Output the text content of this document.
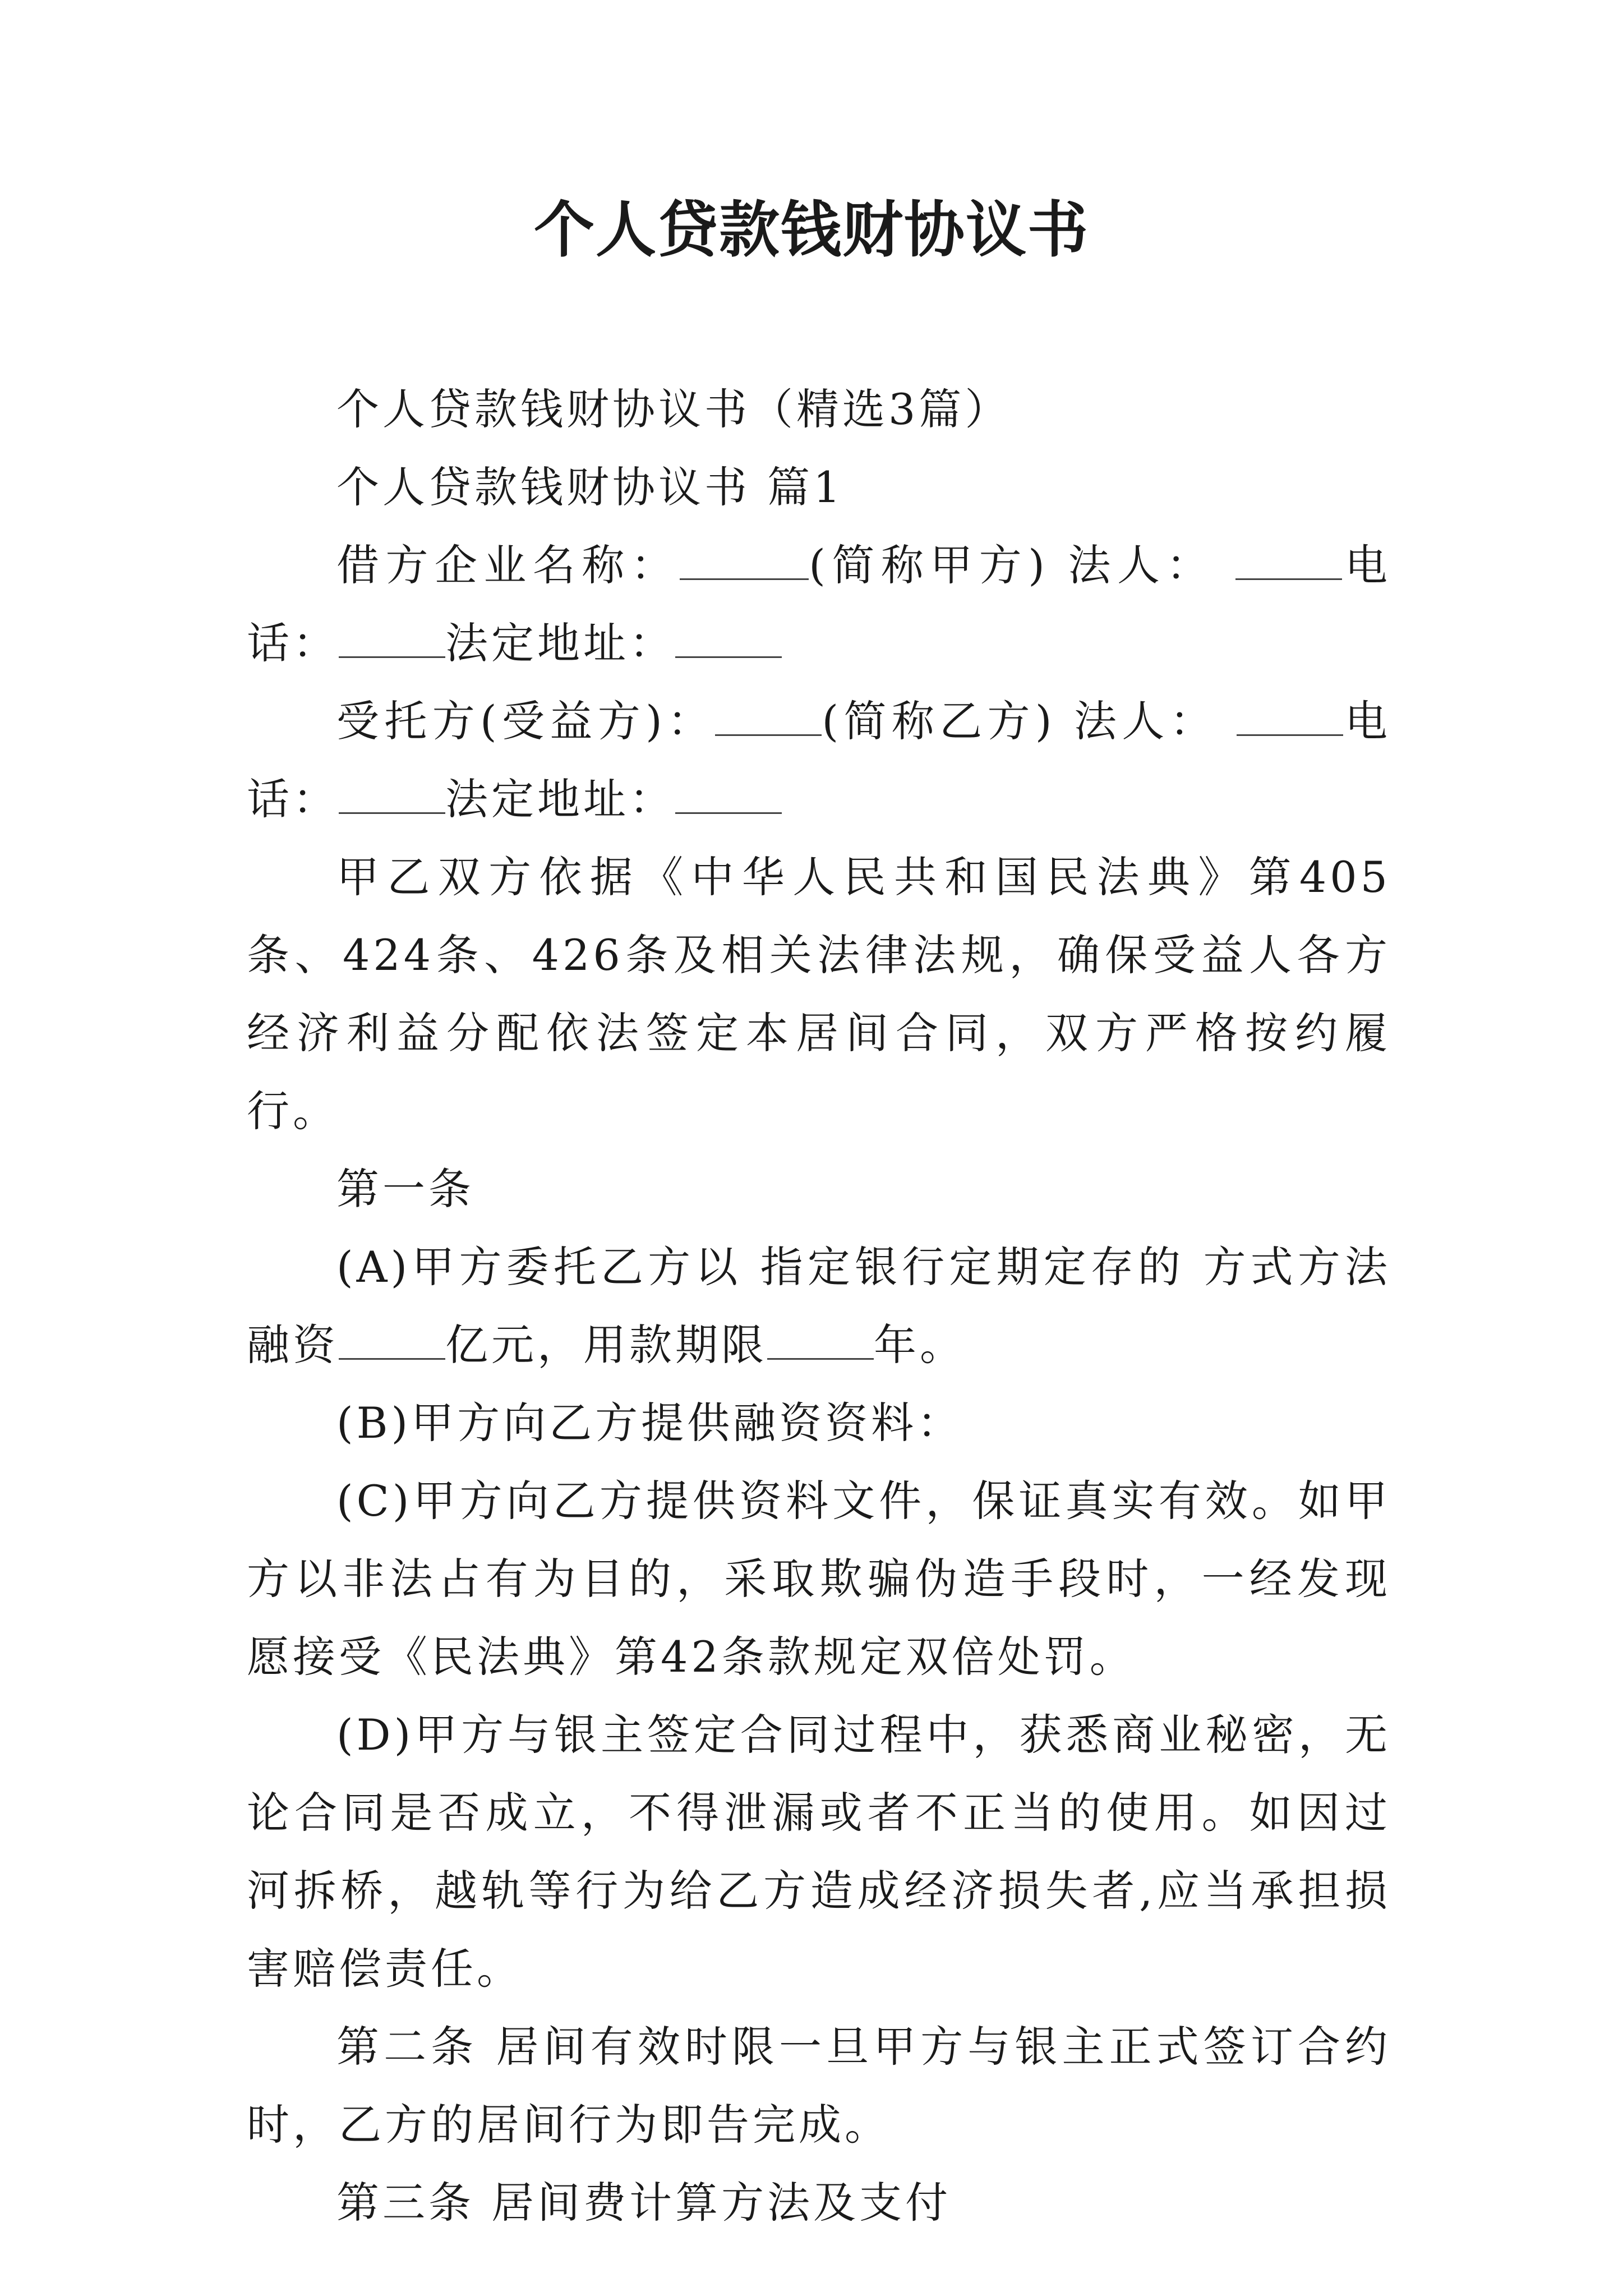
个人贷款钱财协议书

个人贷款钱财协议书（精选3篇）

个人贷款钱财协议书 篇1

借方企业名称：	(简称甲方) 法人：	电话：	法定地址：

受托方(受益方)：	(简称乙方) 法人：	电话：	法定地址：

甲乙双方依据《中华人民共和国民法典》第405条、424条、426条及相关法律法规，确保受益人各方经济利益分配依法签定本居间合同，双方严格按约履行。

第一条

(A)甲方委托乙方以 指定银行定期定存的 方式方法融资	亿元，用款期限	年。

(B)甲方向乙方提供融资资料：

(C)甲方向乙方提供资料文件，保证真实有效。如甲方以非法占有为目的，采取欺骗伪造手段时，一经发现愿接受《民法典》第42条款规定双倍处罚。

(D)甲方与银主签定合同过程中，获悉商业秘密，无论合同是否成立，不得泄漏或者不正当的使用。如因过河拆桥，越轨等行为给乙方造成经济损失者,应当承担损害赔偿责任。

第二条 居间有效时限一旦甲方与银主正式签订合约时，乙方的居间行为即告完成。

第三条 居间费计算方法及支付
